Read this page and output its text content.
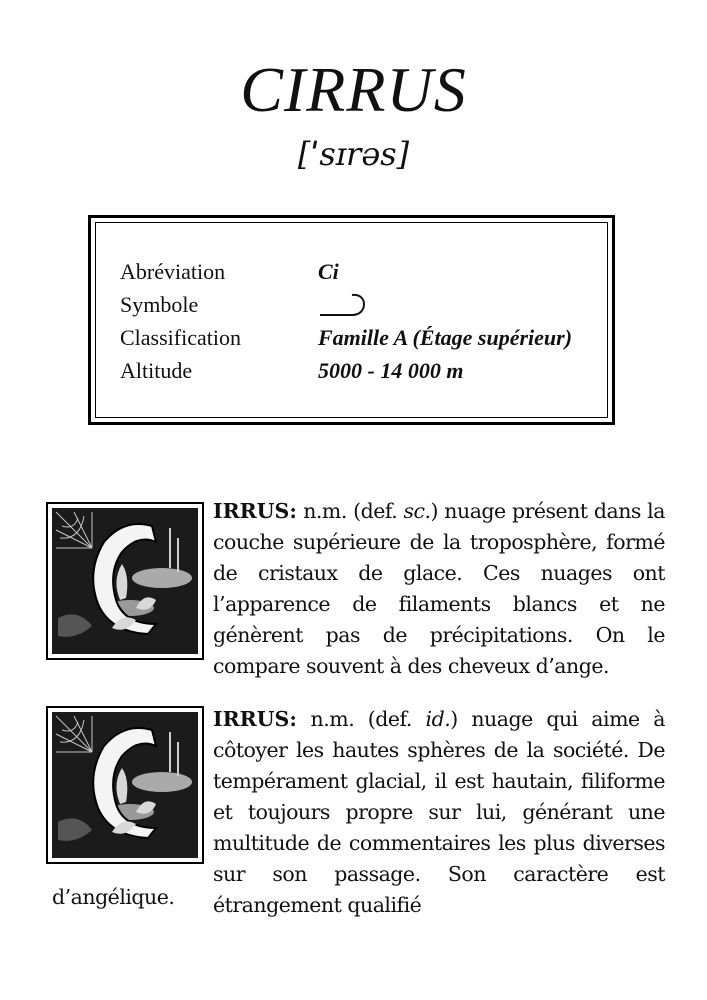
CIRRUS
[ˈsɪrəs]
Abréviation	Ci
Symbole
Classification	Famille A (Étage supérieur)
Altitude	5000 - 14 000 m
IRRUS: n.m. (def. sc.) nuage présent dans la couche supérieure de la troposphère, formé de cristaux de glace. Ces nuages ont l’apparence de filaments blancs et ne génèrent pas de précipitations. On le compare souvent à des cheveux d’ange.
IRRUS: n.m. (def. id.) nuage qui aime à côtoyer les hautes sphères de la société. De tempérament glacial, il est hautain, filiforme et toujours propre sur lui, générant une multitude de commentaires les plus diverses sur son passage. Son caractère est étrangement qualifié
d’angélique.
